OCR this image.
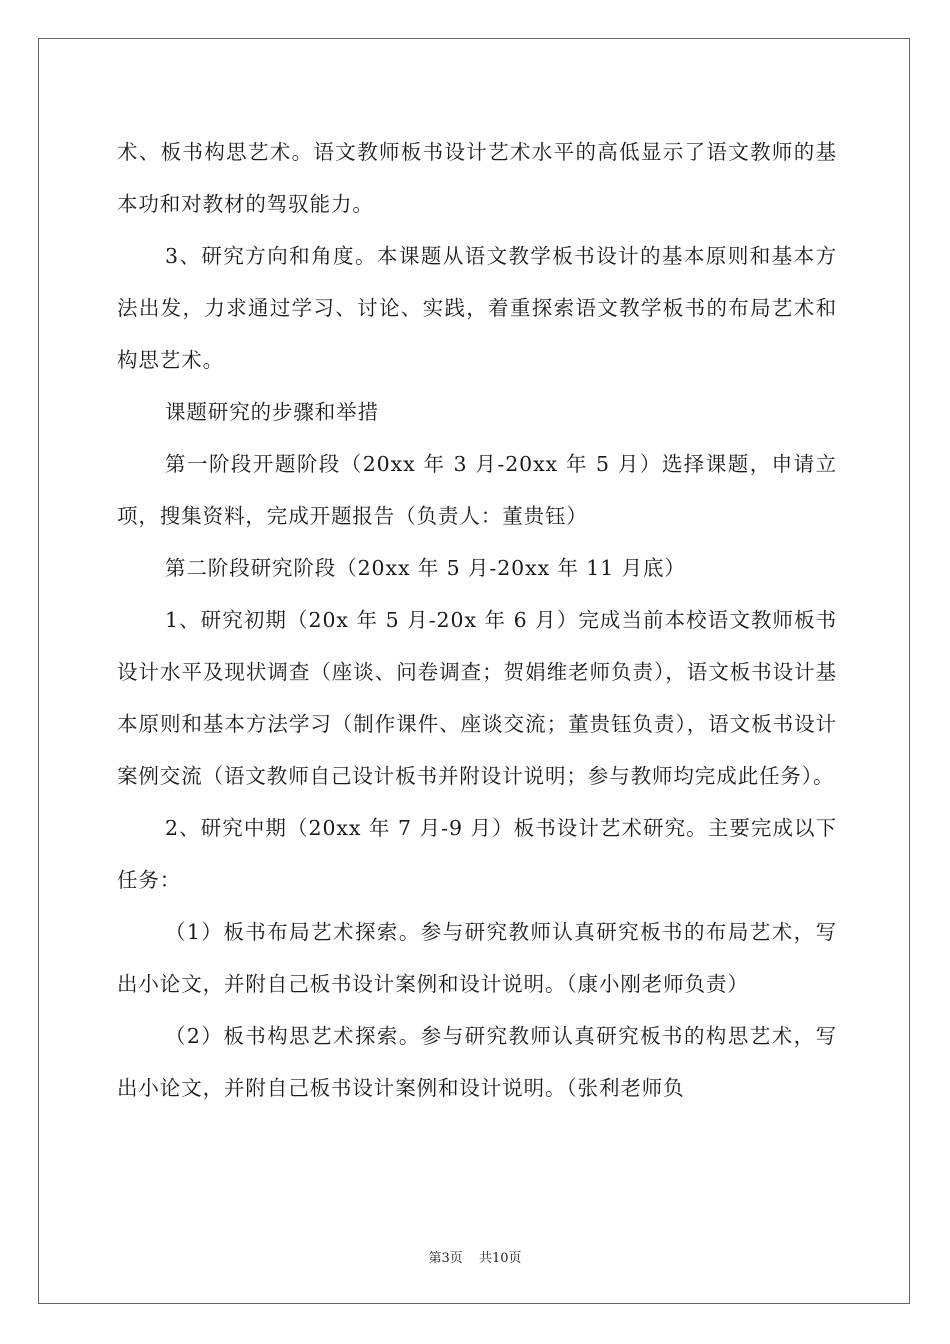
术、板书构思艺术。语文教师板书设计艺术水平的高低显示了语文教师的基本功和对教材的驾驭能力。

3、研究方向和角度。本课题从语文教学板书设计的基本原则和基本方法出发，力求通过学习、讨论、实践，着重探索语文教学板书的布局艺术和构思艺术。

课题研究的步骤和举措

第一阶段开题阶段（20xx 年 3 月-20xx 年 5 月）选择课题，申请立项，搜集资料，完成开题报告（负责人：董贵钰）

第二阶段研究阶段（20xx 年 5 月-20xx 年 11 月底）

1、研究初期（20x 年 5 月-20x 年 6 月）完成当前本校语文教师板书设计水平及现状调查（座谈、问卷调查；贺娟维老师负责），语文板书设计基本原则和基本方法学习（制作课件、座谈交流；董贵钰负责），语文板书设计案例交流（语文教师自己设计板书并附设计说明；参与教师均完成此任务）。

2、研究中期（20xx 年 7 月-9 月）板书设计艺术研究。主要完成以下任务：

（1）板书布局艺术探索。参与研究教师认真研究板书的布局艺术，写出小论文，并附自己板书设计案例和设计说明。（康小刚老师负责）

（2）板书构思艺术探索。参与研究教师认真研究板书的构思艺术，写出小论文，并附自己板书设计案例和设计说明。（张利老师负

第3页 共10页
